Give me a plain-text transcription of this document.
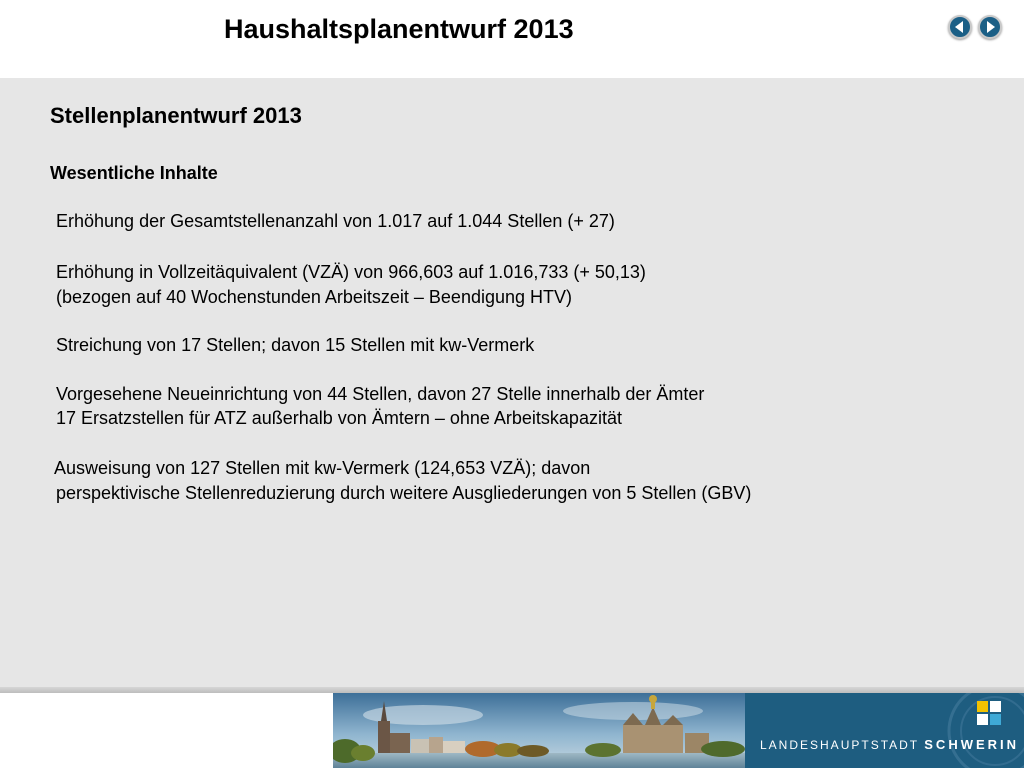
Haushaltsplanentwurf 2013
Stellenplanentwurf 2013
Wesentliche Inhalte
Erhöhung der Gesamtstellenanzahl von 1.017 auf 1.044 Stellen (+ 27)
Erhöhung in Vollzeitäquivalent (VZÄ) von 966,603 auf 1.016,733 (+ 50,13)
(bezogen auf 40 Wochenstunden Arbeitszeit – Beendigung HTV)
Streichung von 17 Stellen; davon 15 Stellen mit kw-Vermerk
Vorgesehene Neueinrichtung von 44 Stellen, davon 27 Stelle innerhalb der Ämter
17 Ersatzstellen für ATZ außerhalb von Ämtern – ohne Arbeitskapazität
Ausweisung von 127 Stellen mit kw-Vermerk (124,653 VZÄ); davon
perspektivische Stellenreduzierung durch weitere Ausgliederungen von 5 Stellen (GBV)
LANDESHAUPTSTADT SCHWERIN
